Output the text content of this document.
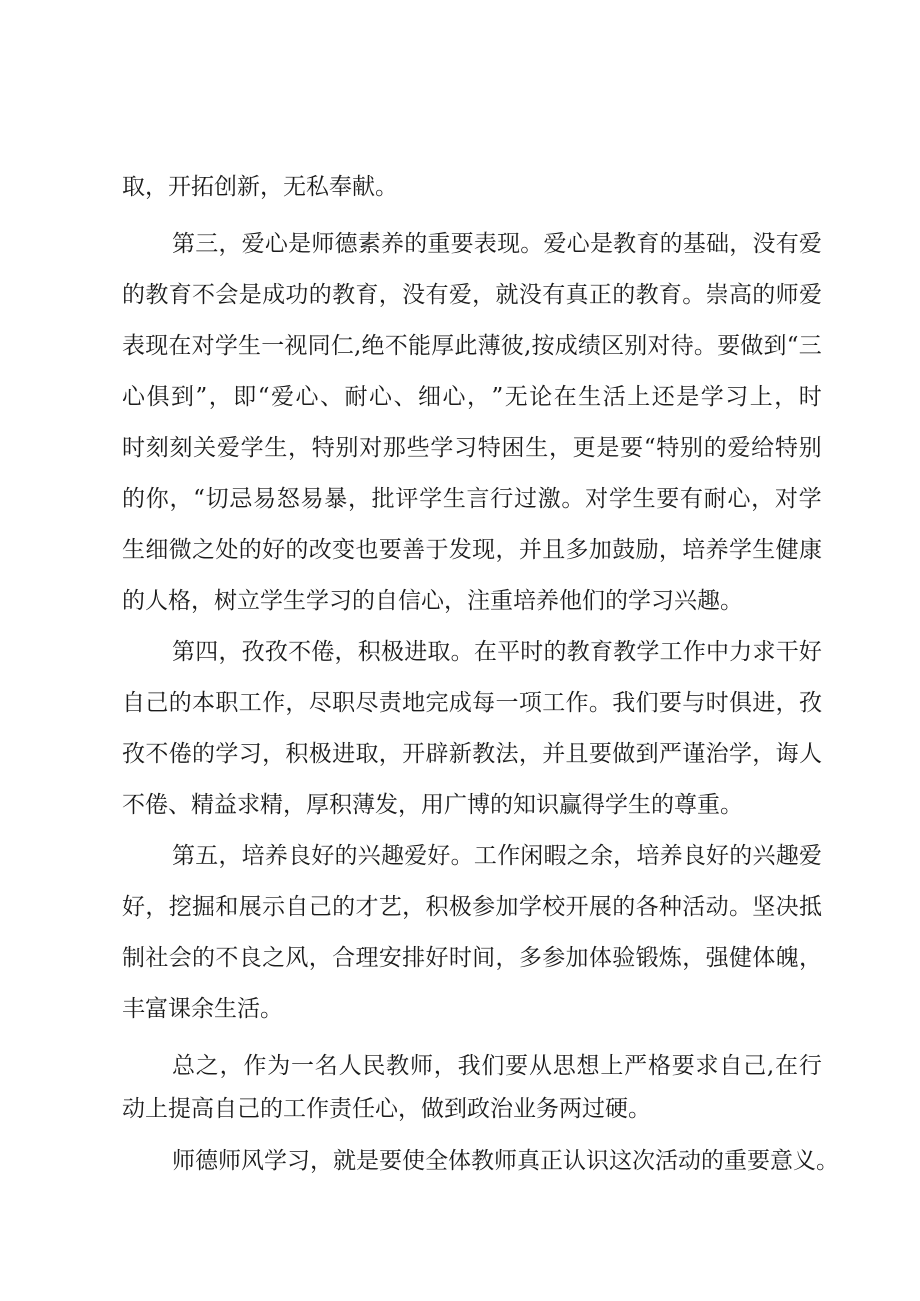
取，开拓创新，无私奉献。

第 三 ， 爱 心 是 师 德 素 养 的 重 要 表 现 。 爱 心 是 教 育 的 基 础 ， 没 有 爱

的 教 育 不 会 是 成 功 的 教 育 ， 没 有 爱 ， 就 没 有 真 正 的 教 育 。 崇 高 的 师 爱

表 现 在 对 学 生 一 视 同 仁 , 绝 不 能 厚 此 薄 彼 , 按 成 绩 区 别 对 待 。 要 做 到 “ 三

心 俱 到 ” ， 即 “ 爱 心 、 耐 心 、 细 心 ， ” 无 论 在 生 活 上 还 是 学 习 上 ， 时

时 刻 刻 关 爱 学 生 ， 特 别 对 那 些 学 习 特 困 生 ， 更 是 要 “ 特 别 的 爱 给 特 别

的 你 ， “ 切 忌 易 怒 易 暴 ， 批 评 学 生 言 行 过 激 。 对 学 生 要 有 耐 心 ， 对 学

生 细 微 之 处 的 好 的 改 变 也 要 善 于 发 现 ， 并 且 多 加 鼓 励 ， 培 养 学 生 健 康

的人格，树立学生学习的自信心，注重培养他们的学习兴趣。

第 四 ， 孜 孜 不 倦 ， 积 极 进 取 。 在 平 时 的 教 育 教 学 工 作 中 力 求 干 好

自 己 的 本 职 工 作 ， 尽 职 尽 责 地 完 成 每 一 项 工 作 。 我 们 要 与 时 俱 进 ， 孜

孜 不 倦 的 学 习 ， 积 极 进 取 ， 开 辟 新 教 法 ， 并 且 要 做 到 严 谨 治 学 ， 诲 人

不倦、精益求精，厚积薄发，用广博的知识赢得学生的尊重。

第 五 ， 培 养 良 好 的 兴 趣 爱 好 。 工 作 闲 暇 之 余 ， 培 养 良 好 的 兴 趣 爱

好 ， 挖 掘 和 展 示 自 己 的 才 艺 ， 积 极 参 加 学 校 开 展 的 各 种 活 动 。 坚 决 抵

制 社 会 的 不 良 之 风 ， 合 理 安 排 好 时 间 ， 多 参 加 体 验 锻 炼 ， 强 健 体 魄 ，

丰富课余生活。

总 之 ， 作 为 一 名 人 民 教 师 ， 我 们 要 从 思 想 上 严 格 要 求 自 己 , 在 行

动上提高自己的工作责任心，做到政治业务两过硬。

师 德 师 风 学 习 ， 就 是 要 使 全 体 教 师 真 正 认 识 这 次 活 动 的 重 要 意 义 。
